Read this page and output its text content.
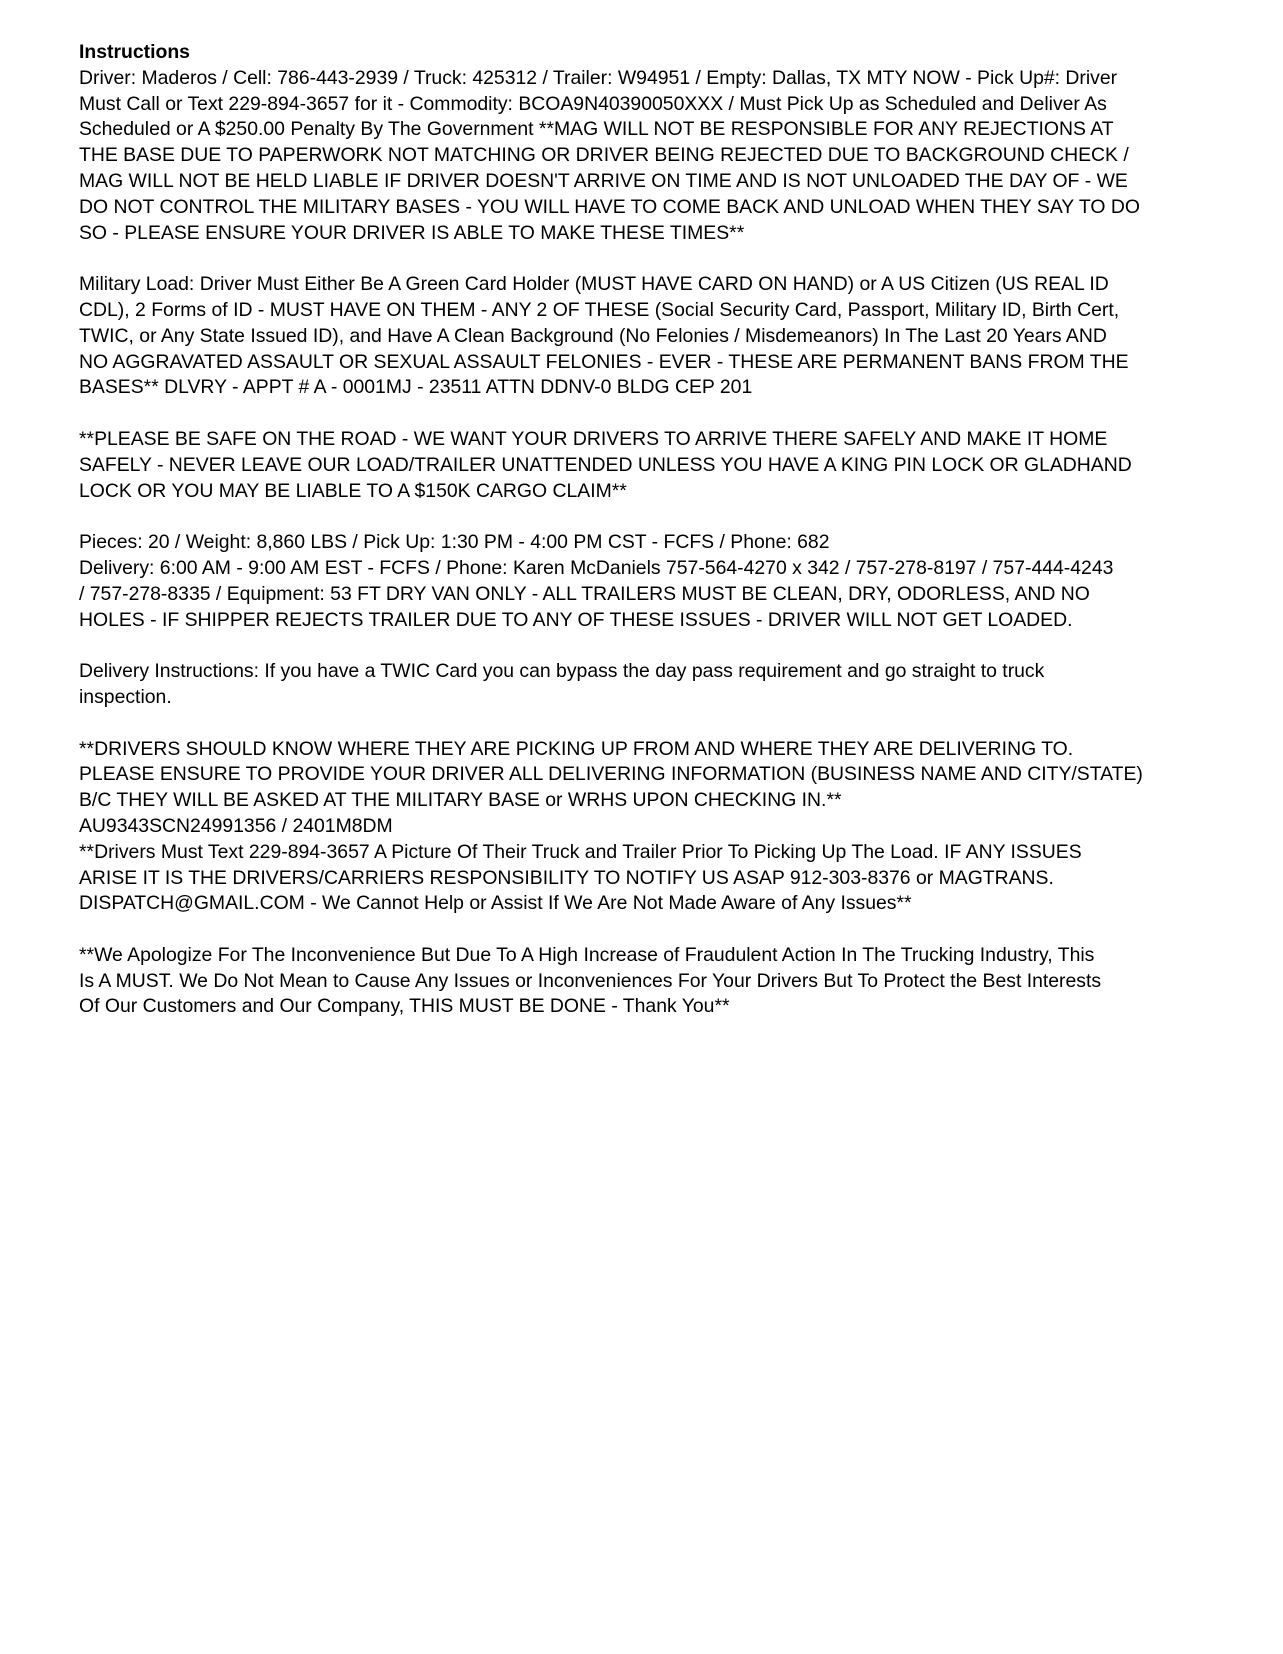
Instructions
Driver: Maderos / Cell: 786-443-2939 / Truck: 425312 / Trailer: W94951 / Empty: Dallas, TX MTY NOW - Pick Up#: Driver
Must Call or Text 229-894-3657 for it - Commodity: BCOA9N40390050XXX / Must Pick Up as Scheduled and Deliver As
Scheduled or A $250.00 Penalty By The Government **MAG WILL NOT BE RESPONSIBLE FOR ANY REJECTIONS AT
THE BASE DUE TO PAPERWORK NOT MATCHING OR DRIVER BEING REJECTED DUE TO BACKGROUND CHECK /
MAG WILL NOT BE HELD LIABLE IF DRIVER DOESN'T ARRIVE ON TIME AND IS NOT UNLOADED THE DAY OF - WE
DO NOT CONTROL THE MILITARY BASES - YOU WILL HAVE TO COME BACK AND UNLOAD WHEN THEY SAY TO DO
SO - PLEASE ENSURE YOUR DRIVER IS ABLE TO MAKE THESE TIMES**
Military Load: Driver Must Either Be A Green Card Holder (MUST HAVE CARD ON HAND) or A US Citizen (US REAL ID
CDL), 2 Forms of ID - MUST HAVE ON THEM - ANY 2 OF THESE (Social Security Card, Passport, Military ID, Birth Cert,
TWIC, or Any State Issued ID), and Have A Clean Background (No Felonies / Misdemeanors) In The Last 20 Years AND
NO AGGRAVATED ASSAULT OR SEXUAL ASSAULT FELONIES - EVER - THESE ARE PERMANENT BANS FROM THE
BASES** DLVRY - APPT # A - 0001MJ - 23511 ATTN DDNV-0 BLDG CEP 201
**PLEASE BE SAFE ON THE ROAD - WE WANT YOUR DRIVERS TO ARRIVE THERE SAFELY AND MAKE IT HOME
SAFELY - NEVER LEAVE OUR LOAD/TRAILER UNATTENDED UNLESS YOU HAVE A KING PIN LOCK OR GLADHAND
LOCK OR YOU MAY BE LIABLE TO A $150K CARGO CLAIM**
Pieces: 20 / Weight: 8,860 LBS / Pick Up: 1:30 PM - 4:00 PM CST - FCFS / Phone: 682
Delivery: 6:00 AM - 9:00 AM EST - FCFS / Phone: Karen McDaniels 757-564-4270 x 342 / 757-278-8197 / 757-444-4243
/ 757-278-8335 / Equipment: 53 FT DRY VAN ONLY - ALL TRAILERS MUST BE CLEAN, DRY, ODORLESS, AND NO
HOLES - IF SHIPPER REJECTS TRAILER DUE TO ANY OF THESE ISSUES - DRIVER WILL NOT GET LOADED.
Delivery Instructions: If you have a TWIC Card you can bypass the day pass requirement and go straight to truck
inspection.
**DRIVERS SHOULD KNOW WHERE THEY ARE PICKING UP FROM AND WHERE THEY ARE DELIVERING TO.
PLEASE ENSURE TO PROVIDE YOUR DRIVER ALL DELIVERING INFORMATION (BUSINESS NAME AND CITY/STATE)
B/C THEY WILL BE ASKED AT THE MILITARY BASE or WRHS UPON CHECKING IN.**
AU9343SCN24991356 / 2401M8DM
**Drivers Must Text 229-894-3657 A Picture Of Their Truck and Trailer Prior To Picking Up The Load. IF ANY ISSUES
ARISE IT IS THE DRIVERS/CARRIERS RESPONSIBILITY TO NOTIFY US ASAP 912-303-8376 or MAGTRANS.
DISPATCH@GMAIL.COM - We Cannot Help or Assist If We Are Not Made Aware of Any Issues**
**We Apologize For The Inconvenience But Due To A High Increase of Fraudulent Action In The Trucking Industry, This
Is A MUST. We Do Not Mean to Cause Any Issues or Inconveniences For Your Drivers But To Protect the Best Interests
Of Our Customers and Our Company, THIS MUST BE DONE - Thank You**
